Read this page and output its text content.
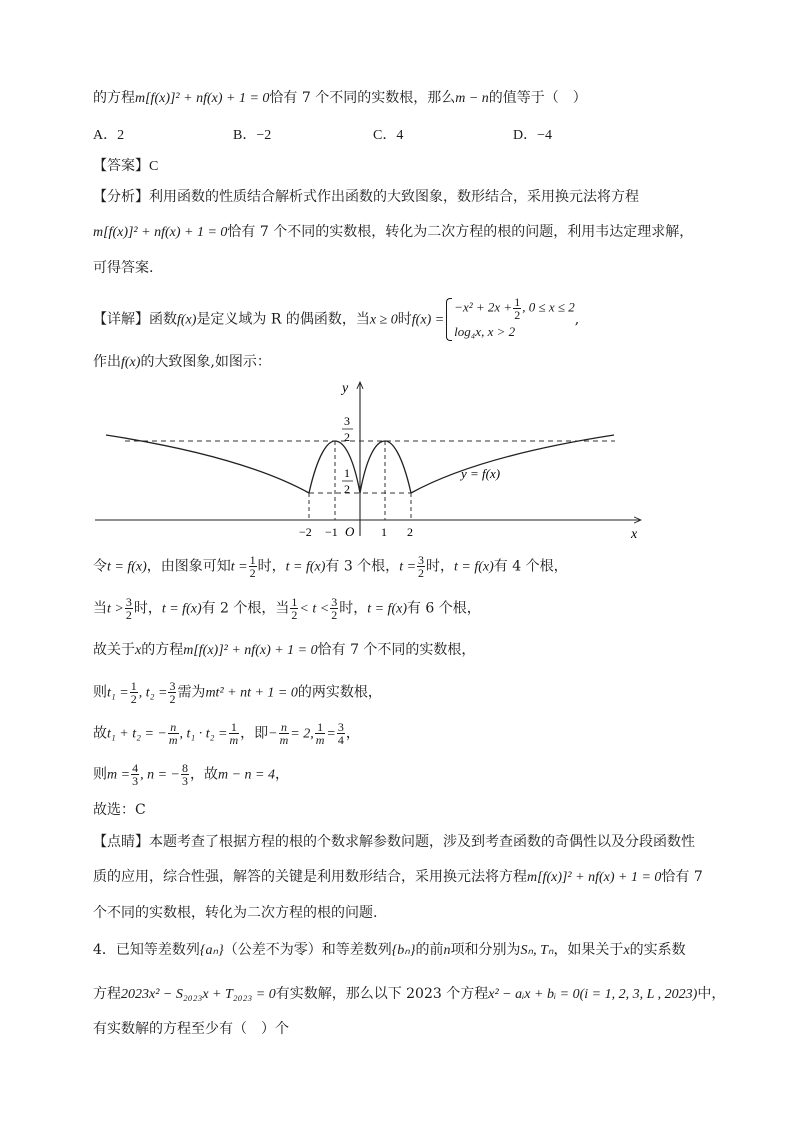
的方程m[f(x)]² + nf(x) + 1 = 0恰有 7 个不同的实数根，那么m − n的值等于（　）
A．2	B．−2	C．4	D．−4
【答案】C
【分析】利用函数的性质结合解析式作出函数的大致图象，数形结合，采用换元法将方程
m[f(x)]² + nf(x) + 1 = 0恰有 7 个不同的实数根，转化为二次方程的根的问题，利用韦达定理求解，
可得答案.
【详解】函数f(x)是定义域为 R 的偶函数，当x ≥ 0时f(x) =
$-x^2 + 2x + \frac{1}{2}$ , 0 ≤ x ≤ 2
log₄x, x > 2
,
作出f(x)的大致图象,如图示：
y
x
O
y = f(x)
−2 −1	1 2
3
2
1
2
令t = f(x)，由图象可知$t = \frac{1}{2}$ 时，t = f(x)有 3 个根，$t = \frac{3}{2}$ 时，t = f(x)有 4 个根，
当$t > \frac{3}{2}$ 时，t = f(x)有 2 个根，当 $\frac{1}{2} < t < \frac{3}{2}$ 时，t = f(x)有 6 个根，
故关于x的方程m[f(x)]² + nf(x) + 1 = 0恰有 7 个不同的实数根，
则$t_1 = \frac{1}{2}$ , $t_2 = \frac{3}{2}$ 需为mt² + nt + 1 = 0的两实数根，
故t₁ + t₂ = − $\frac{n}{m}$ , $t_1 \cdot t_2 = \frac{1}{m}$ ，即− $\frac{n}{m} = 2$, $\frac{1}{m} = \frac{3}{4}$ ，
则$m = \frac{4}{3}$ , n = − $\frac{8}{3}$ ，故m − n = 4，
故选：C
【点睛】本题考查了根据方程的根的个数求解参数问题，涉及到考查函数的奇偶性以及分段函数性
质的应用，综合性强，解答的关键是利用数形结合，采用换元法将方程m[f(x)]² + nf(x) + 1 = 0恰有 7
个不同的实数根，转化为二次方程的根的问题.
4．已知等差数列{aₙ}（公差不为零）和等差数列{bₙ}的前n项和分别为Sₙ, Tₙ，如果关于x的实系数
方程2023x² − S₂₀₂₃x + T₂₀₂₃ = 0有实数解，那么以下 2023 个方程x² − aᵢx + bᵢ = 0(i = 1, 2, 3, L , 2023)中，
有实数解的方程至少有（　）个
